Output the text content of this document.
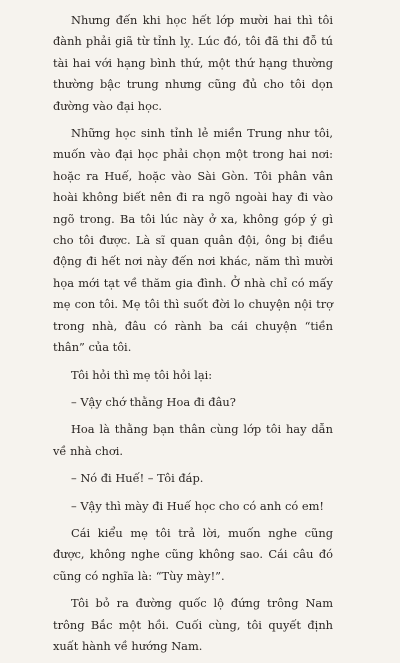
Nhưng đến khi học hết lớp mười hai thì tôi đành phải giã từ tỉnh lỵ. Lúc đó, tôi đã thi đỗ tú tài hai với hạng bình thứ, một thứ hạng thường thường bậc trung nhưng cũng đủ cho tôi dọn đường vào đại học.

Những học sinh tỉnh lẻ miền Trung như tôi, muốn vào đại học phải chọn một trong hai nơi: hoặc ra Huế, hoặc vào Sài Gòn. Tôi phân vân hoài không biết nên đi ra ngõ ngoài hay đi vào ngõ trong. Ba tôi lúc này ở xa, không góp ý gì cho tôi được. Là sĩ quan quân đội, ông bị điều động đi hết nơi này đến nơi khác, năm thì mười họa mới tạt về thăm gia đình. Ở nhà chỉ có mấy mẹ con tôi. Mẹ tôi thì suốt đời lo chuyện nội trợ trong nhà, đâu có rành ba cái chuyện “tiền thân” của tôi.

Tôi hỏi thì mẹ tôi hỏi lại:

– Vậy chớ thằng Hoa đi đâu?

Hoa là thằng bạn thân cùng lớp tôi hay dẫn về nhà chơi.

– Nó đi Huế! – Tôi đáp.

– Vậy thì mày đi Huế học cho có anh có em!

Cái kiểu mẹ tôi trả lời, muốn nghe cũng được, không nghe cũng không sao. Cái câu đó cũng có nghĩa là: “Tùy mày!”.

Tôi bỏ ra đường quốc lộ đứng trông Nam trông Bắc một hồi. Cuối cùng, tôi quyết định xuất hành về hướng Nam.
